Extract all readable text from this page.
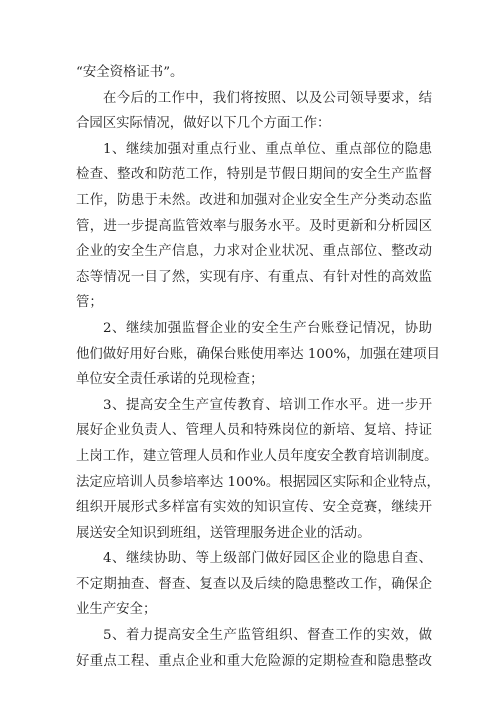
“安全资格证书”。
在今后的工作中，我们将按照、以及公司领导要求，结
合园区实际情况，做好以下几个方面工作：
1、继续加强对重点行业、重点单位、重点部位的隐患
检查、整改和防范工作，特别是节假日期间的安全生产监督
工作，防患于未然。改进和加强对企业安全生产分类动态监
管，进一步提高监管效率与服务水平。及时更新和分析园区
企业的安全生产信息，力求对企业状况、重点部位、整改动
态等情况一目了然，实现有序、有重点、有针对性的高效监
管；
2、继续加强监督企业的安全生产台账登记情况，协助
他们做好用好台账，确保台账使用率达 100%，加强在建项目
单位安全责任承诺的兑现检查；
3、提高安全生产宣传教育、培训工作水平。进一步开
展好企业负责人、管理人员和特殊岗位的新培、复培、持证
上岗工作，建立管理人员和作业人员年度安全教育培训制度。
法定应培训人员参培率达 100%。根据园区实际和企业特点，
组织开展形式多样富有实效的知识宣传、安全竞赛，继续开
展送安全知识到班组，送管理服务进企业的活动。
4、继续协助、等上级部门做好园区企业的隐患自查、
不定期抽查、督查、复查以及后续的隐患整改工作，确保企
业生产安全；
5、着力提高安全生产监管组织、督查工作的实效，做
好重点工程、重点企业和重大危险源的定期检查和隐患整改
